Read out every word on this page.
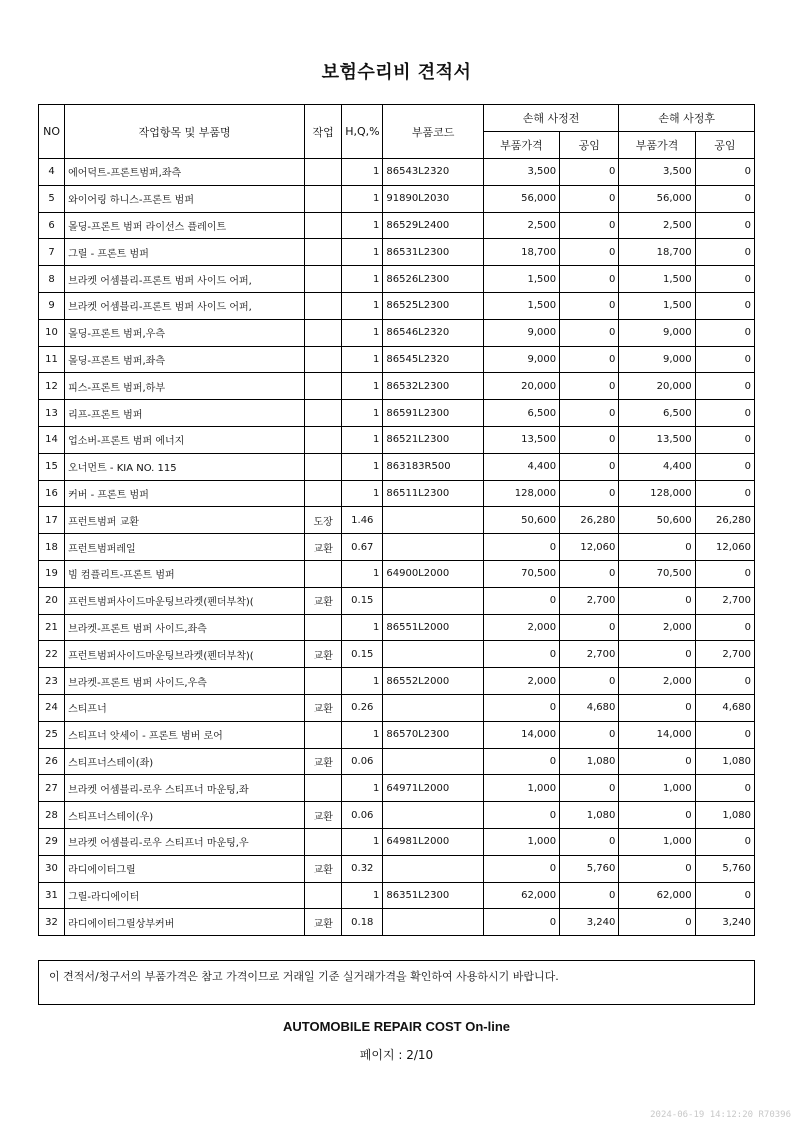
보험수리비 견적서
NO	작업항목 및 부품명	작업	H,Q,%	부품코드	손해 사정전		손해 사정후	
					부품가격	공임	부품가격	공임
4	에어덕트-프론트범퍼,좌측		1	86543L2320	3,500	0	3,500	0
5	와이어링 하니스-프론트 범퍼		1	91890L2030	56,000	0	56,000	0
6	몰딩-프론트 범퍼 라이선스 플레이트		1	86529L2400	2,500	0	2,500	0
7	그릴 - 프론트 범퍼		1	86531L2300	18,700	0	18,700	0
8	브라켓 어셈블리-프론트 범퍼 사이드 어퍼,		1	86526L2300	1,500	0	1,500	0
9	브라켓 어셈블리-프론트 범퍼 사이드 어퍼,		1	86525L2300	1,500	0	1,500	0
10	몰딩-프론트 범퍼,우측		1	86546L2320	9,000	0	9,000	0
11	몰딩-프론트 범퍼,좌측		1	86545L2320	9,000	0	9,000	0
12	피스-프론트 범퍼,하부		1	86532L2300	20,000	0	20,000	0
13	리프-프론트 범퍼		1	86591L2300	6,500	0	6,500	0
14	업소버-프론트 범퍼 에너지		1	86521L2300	13,500	0	13,500	0
15	오너먼트 - KIA NO. 115		1	863183R500	4,400	0	4,400	0
16	커버 - 프론트 범퍼		1	86511L2300	128,000	0	128,000	0
17	프런트범퍼 교환	도장	1.46		50,600	26,280	50,600	26,280
18	프런트범퍼레일	교환	0.67		0	12,060	0	12,060
19	빔 컴플리트-프론트 범퍼		1	64900L2000	70,500	0	70,500	0
20	프런트범퍼사이드마운팅브라켓(펜더부착)(	교환	0.15		0	2,700	0	2,700
21	브라켓-프론트 범퍼 사이드,좌측		1	86551L2000	2,000	0	2,000	0
22	프런트범퍼사이드마운팅브라켓(펜더부착)(	교환	0.15		0	2,700	0	2,700
23	브라켓-프론트 범퍼 사이드,우측		1	86552L2000	2,000	0	2,000	0
24	스티프너	교환	0.26		0	4,680	0	4,680
25	스티프너 앗세이 - 프론트 범버 로어		1	86570L2300	14,000	0	14,000	0
26	스티프너스테이(좌)	교환	0.06		0	1,080	0	1,080
27	브라켓 어셈블리-로우 스티프너 마운팅,좌		1	64971L2000	1,000	0	1,000	0
28	스티프너스테이(우)	교환	0.06		0	1,080	0	1,080
29	브라켓 어셈블리-로우 스티프너 마운팅,우		1	64981L2000	1,000	0	1,000	0
30	라디에이터그릴	교환	0.32		0	5,760	0	5,760
31	그릴-라디에이터		1	86351L2300	62,000	0	62,000	0
32	라디에이터그릴상부커버	교환	0.18		0	3,240	0	3,240
이 견적서/청구서의 부품가격은 참고 가격이므로 거래일 기준 실거래가격을 확인하여 사용하시기 바랍니다.
AUTOMOBILE REPAIR COST On-line
페이지 : 2/10
2024-06-19 14:12:20 R70396
